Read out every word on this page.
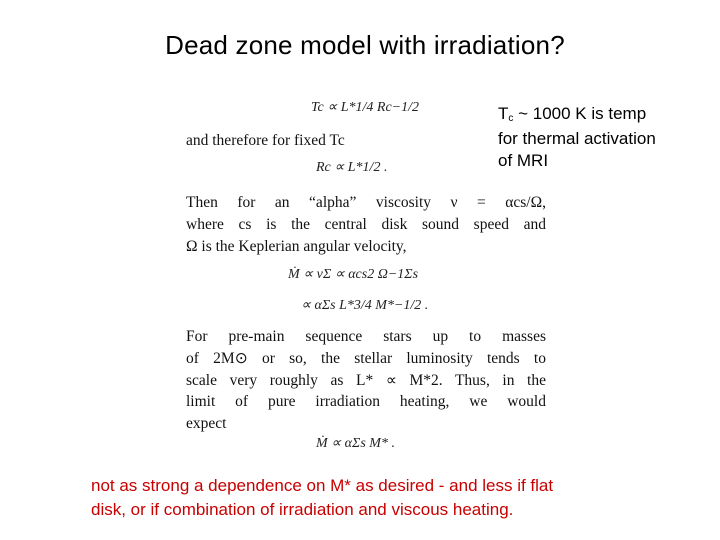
Dead zone model with irradiation?
$T_c$ ~ 1000 K is temp
for thermal activation
of MRI
Tc ∝ L*1/4 Rc−1/2
and therefore for fixed Tc
Rc ∝ L*1/2 .
Then for an “alpha” viscosity ν = αcs/Ω,
where cs is the central disk sound speed and
Ω is the Keplerian angular velocity,
Ṁ ∝ νΣ ∝ αcs2 Ω−1Σs
∝ αΣs L*3/4 M*−1/2 .
For pre-main sequence stars up to masses
of 2M⊙ or so, the stellar luminosity tends to
scale very roughly as L* ∝ M*2. Thus, in the
limit of pure irradiation heating, we would
expect
Ṁ ∝ αΣs M* .
not as strong a dependence on M* as desired - and less if flat
disk, or if combination of irradiation and viscous heating.
